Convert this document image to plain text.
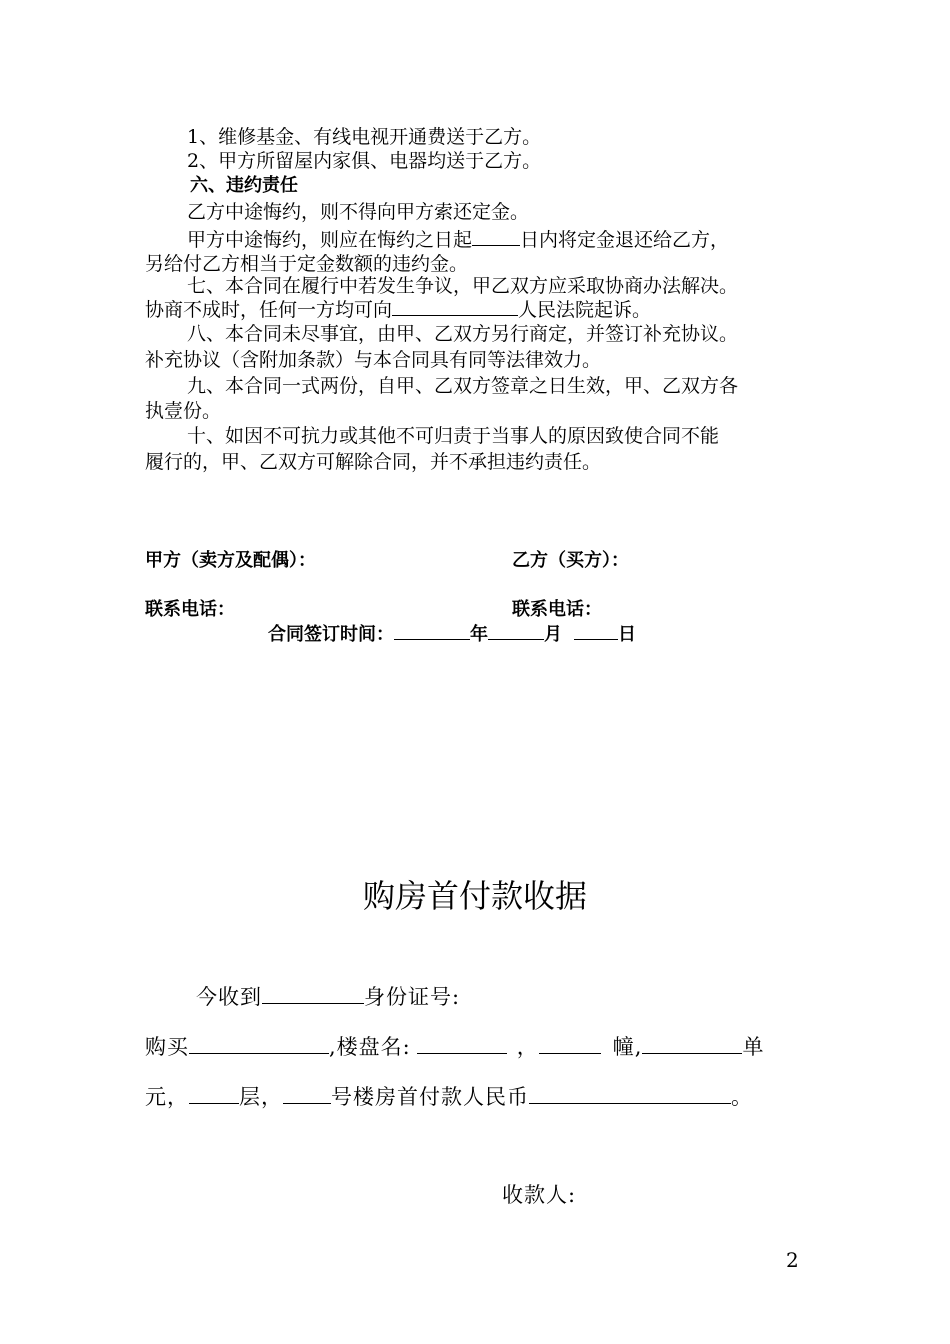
1、维修基金、有线电视开通费送于乙方。
2、甲方所留屋内家俱、电器均送于乙方。
六、违约责任
乙方中途悔约，则不得向甲方索还定金。
甲方中途悔约，则应在悔约之日起	日内将定金退还给乙方，
另给付乙方相当于定金数额的违约金。
七、本合同在履行中若发生争议，甲乙双方应采取协商办法解决。
协商不成时，任何一方均可向	人民法院起诉。
八、本合同未尽事宜，由甲、乙双方另行商定，并签订补充协议。
补充协议（含附加条款）与本合同具有同等法律效力。
九、本合同一式两份，自甲、乙双方签章之日生效，甲、乙双方各
执壹份。
十、如因不可抗力或其他不可归责于当事人的原因致使合同不能
履行的，甲、乙双方可解除合同，并不承担违约责任。
甲方（卖方及配偶）：	乙方（买方）：
联系电话：	联系电话：
合同签订时间：	年	月	日
购房首付款收据
今收到	身份证号:
购买	,楼盘名:	，	幢,	单
元， 层， 号楼房首付款人民币	。
收款人:
2
